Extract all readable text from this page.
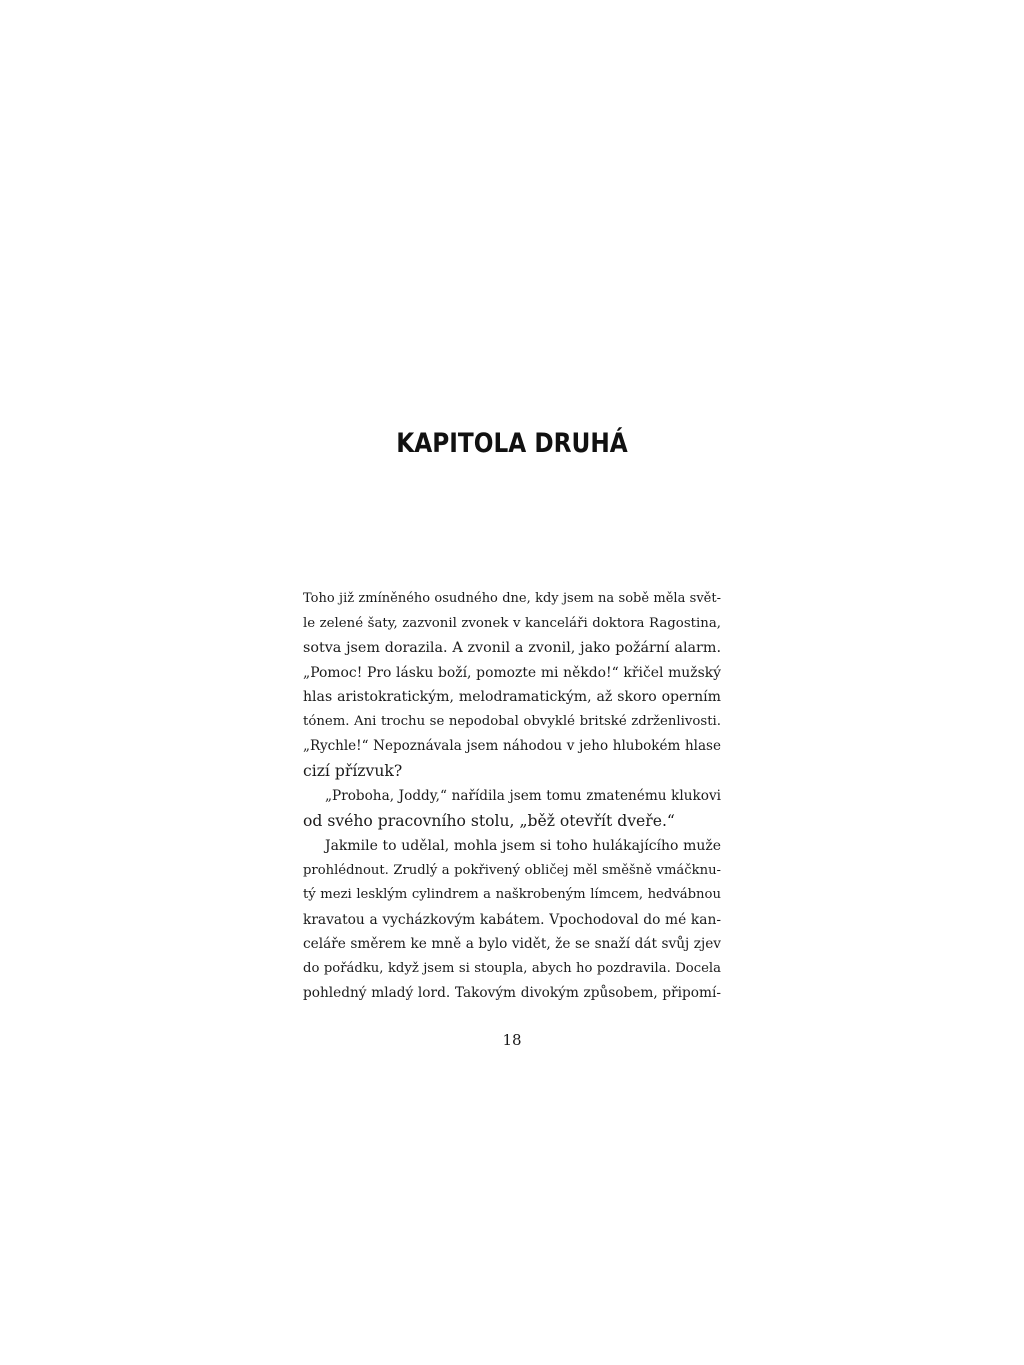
KAPITOLA DRUHÁ

Toho již zmíněného osudného dne, kdy jsem na sobě měla svět-

le zelené šaty, zazvonil zvonek v kanceláři doktora Ragostina,

sotva jsem dorazila. A zvonil a zvonil, jako požární alarm.

„Pomoc! Pro lásku boží, pomozte mi někdo!“ křičel mužský

hlas aristokratickým, melodramatickým, až skoro operním

tónem. Ani trochu se nepodobal obvyklé britské zdrženlivosti.

„Rychle!“ Nepoznávala jsem náhodou v jeho hlubokém hlase

cizí přízvuk?

„Proboha, Joddy,“ nařídila jsem tomu zmatenému klukovi

od svého pracovního stolu, „běž otevřít dveře.“

Jakmile to udělal, mohla jsem si toho hulákajícího muže

prohlédnout. Zrudlý a pokřivený obličej měl směšně vmáčknu-

tý mezi lesklým cylindrem a naškrobeným límcem, hedvábnou

kravatou a vycházkovým kabátem. Vpochodoval do mé kan-

celáře směrem ke mně a bylo vidět, že se snaží dát svůj zjev

do pořádku, když jsem si stoupla, abych ho pozdravila. Docela

pohledný mladý lord. Takovým divokým způsobem, připomí-

18
